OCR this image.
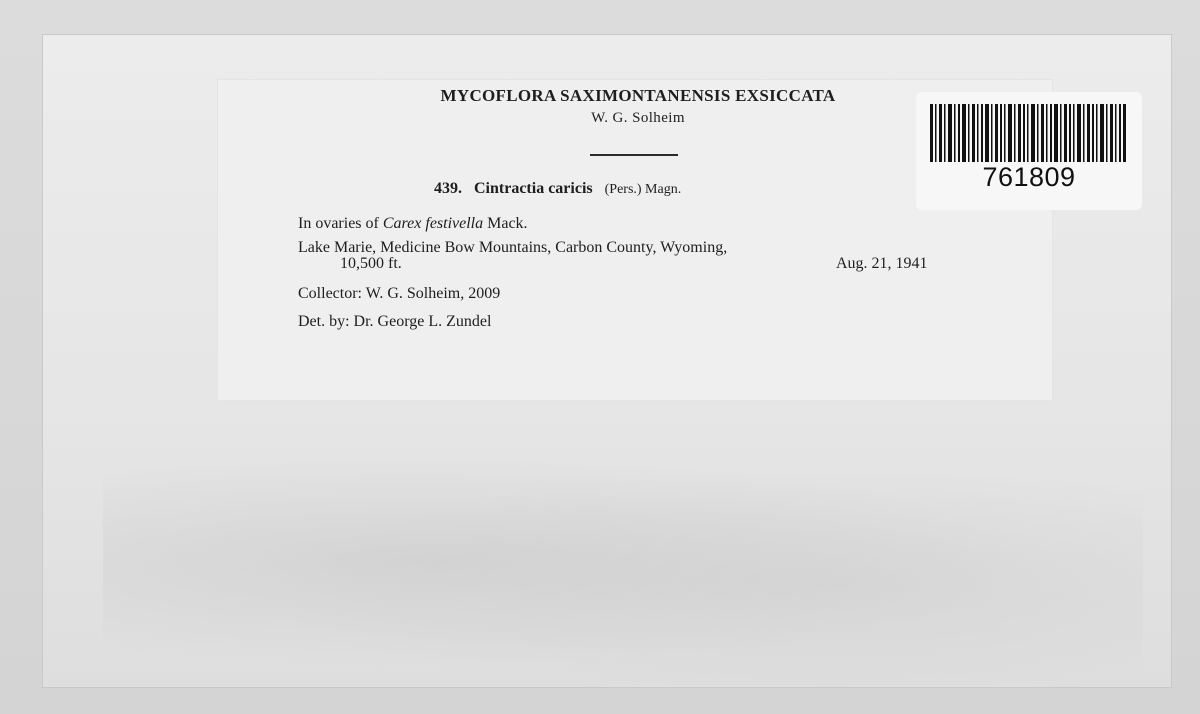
MYCOFLORA SAXIMONTANENSIS EXSICCATA
W. G. Solheim
439. Cintractia caricis (Pers.) Magn.
In ovaries of Carex festivella Mack.
Lake Marie, Medicine Bow Mountains, Carbon County, Wyoming,
10,500 ft.	Aug. 21, 1941
Collector: W. G. Solheim, 2009
Det. by: Dr. George L. Zundel
761809
